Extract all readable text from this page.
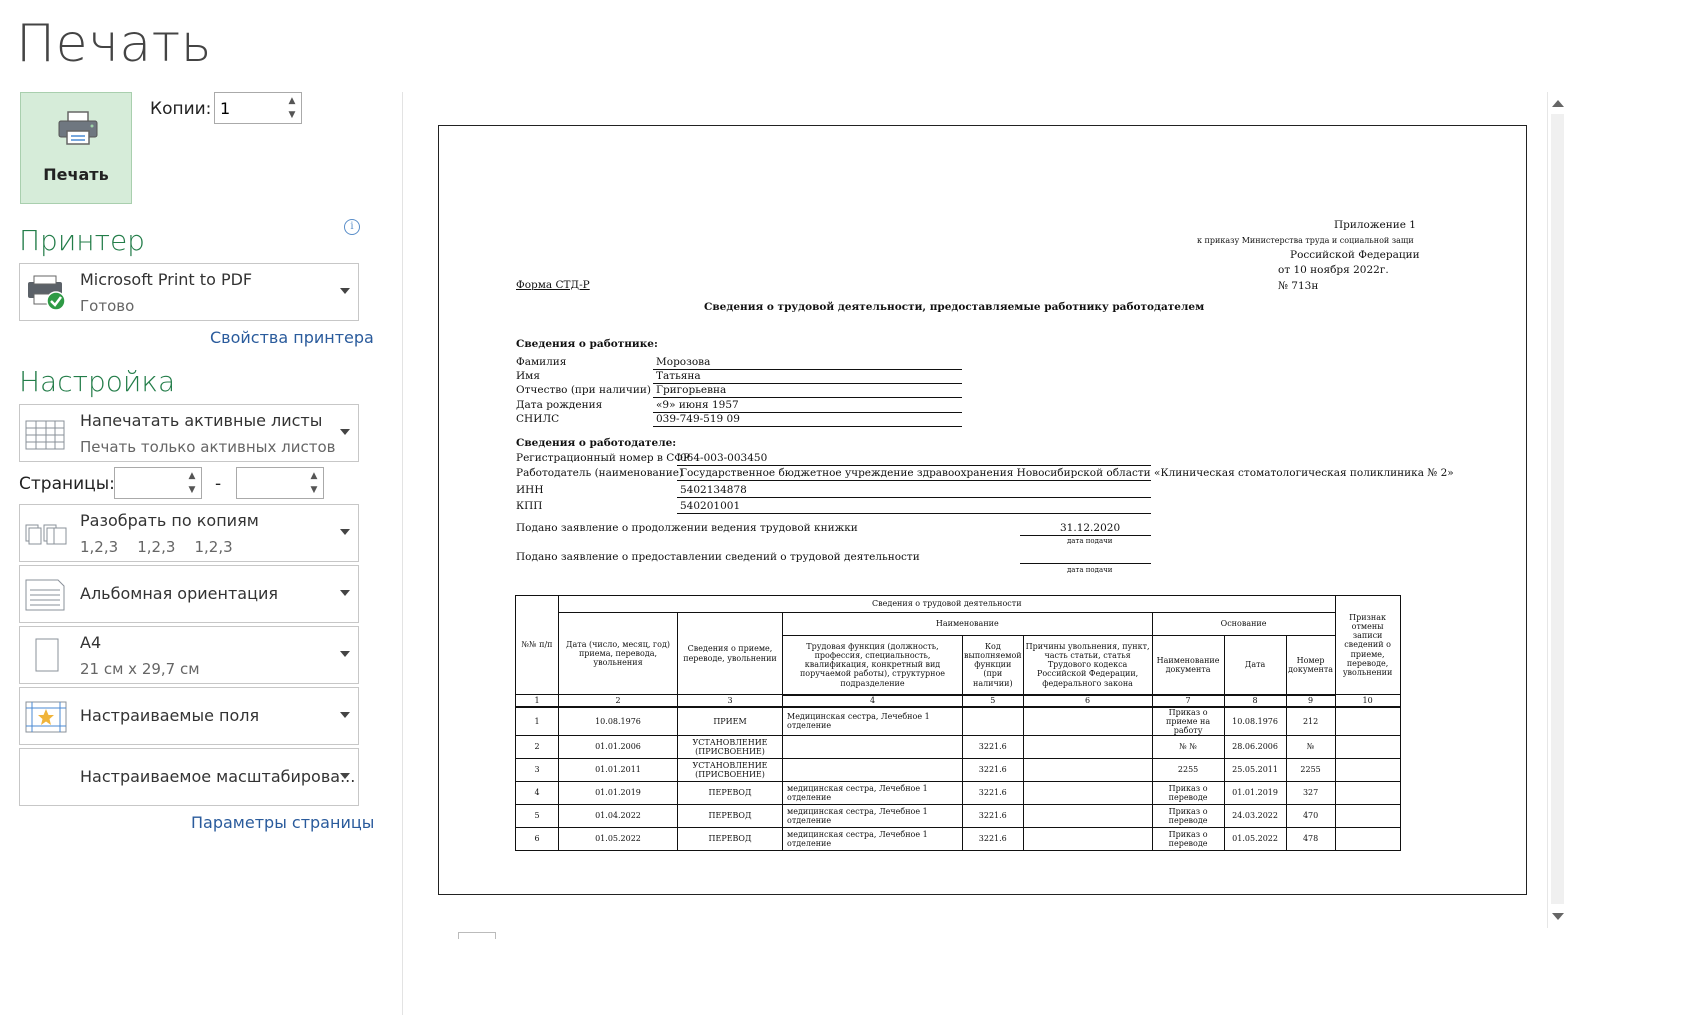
Печать
Печать
Копии:
1	▲
▼
Принтер	i
Microsoft Print to PDF
Готово
Свойства принтера
Настройка
Напечатать активные листы
Печать только активных листов
Страницы:	▲
▼ -	▲
▼
Разобрать по копиям
1,2,3    1,2,3    1,2,3
Альбомная ориентация
A4
21 см x 29,7 см
Настраиваемые поля
Настраиваемое масштабирова...
Параметры страницы
Приложение 1
к приказу Министерства труда и социальной защи
Российской Федерации
от 10 ноября 2022г.
№ 713н
Форма СТД-Р
Сведения о трудовой деятельности, предоставляемые работнику работодателем
Сведения о работнике:
Фамилия	Морозова
Имя	Татьяна
Отчество (при наличии) Григорьевна
Дата рождения	«9» июня 1957
СНИЛС	039-749-519 09
Сведения о работодателе:
Регистрационный номер в СФР
064-003-003450
Работодатель (наименование)
Государственное бюджетное учреждение здравоохранения Новосибирской области «Клиническая стоматологическая поликлиника № 2»
ИНН	5402134878
КПП	540201001
Подано заявление о продолжении ведения трудовой книжки	31.12.2020
дата подачи
Подано заявление о предоставлении сведений о трудовой деятельности
дата подачи
№№ п/п	Сведения о трудовой деятельности								Признак отмены записи сведений о приеме, переводе, увольнении
	Дата (число, месяц, год) приема, перевода, увольнения	Сведения о приеме, переводе, увольнении	Наименование			Основание			
			Трудовая функция (должность, профессия, специальность, квалификация, конкретный вид поручаемой работы), структурное подразделение	Код выполняемой функции (при наличии)	Причины увольнения, пункт, часть статьи, статья Трудового кодекса Российской Федерации, федерального закона	Наименование документа	Дата	Номер документа	
1	2	3	4	5	6	7	8	9	10
1	10.08.1976	ПРИЕМ	Медицинская сестра, Лечебное 1 отделение			Приказ о приеме на работу	10.08.1976	212	
2	01.01.2006	УСТАНОВЛЕНИЕ (ПРИСВОЕНИЕ)		3221.6		№ №	28.06.2006	№	
3	01.01.2011	УСТАНОВЛЕНИЕ (ПРИСВОЕНИЕ)		3221.6		2255	25.05.2011	2255	
4	01.01.2019	ПЕРЕВОД	медицинская сестра, Лечебное 1 отделение	3221.6		Приказ о переводе	01.01.2019	327	
5	01.04.2022	ПЕРЕВОД	медицинская сестра, Лечебное 1 отделение	3221.6		Приказ о переводе	24.03.2022	470	
6	01.05.2022	ПЕРЕВОД	медицинская сестра, Лечебное 1 отделение	3221.6		Приказ о переводе	01.05.2022	478	
